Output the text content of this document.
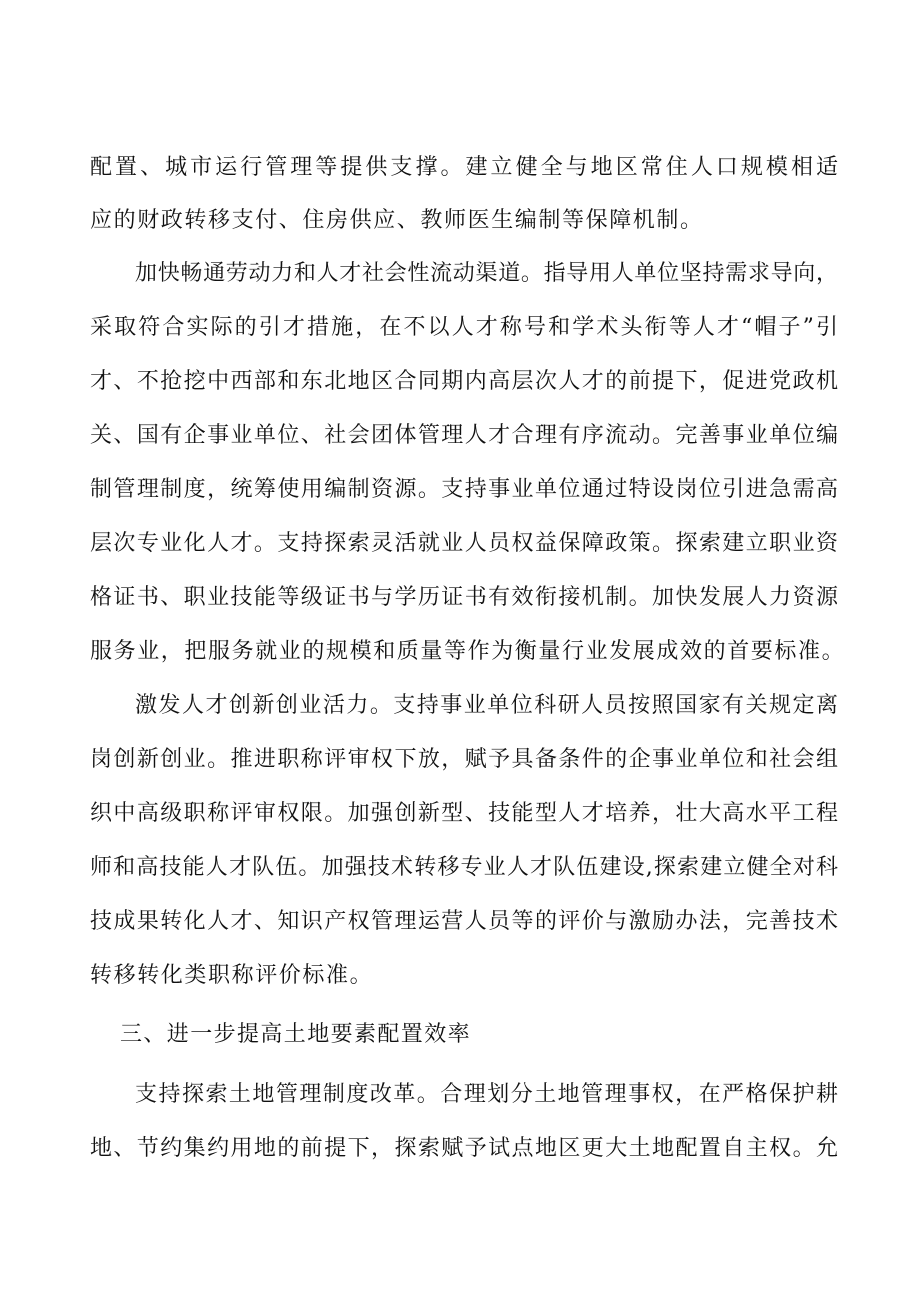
配置、城市运行管理等提供支撑。建立健全与地区常住人口规模相适
应的财政转移支付、住房供应、教师医生编制等保障机制。
加快畅通劳动力和人才社会性流动渠道。指导用人单位坚持需求导向，
采取符合实际的引才措施，在不以人才称号和学术头衔等人才“帽子”引
才、不抢挖中西部和东北地区合同期内高层次人才的前提下，促进党政机
关、国有企事业单位、社会团体管理人才合理有序流动。完善事业单位编
制管理制度，统筹使用编制资源。支持事业单位通过特设岗位引进急需高
层次专业化人才。支持探索灵活就业人员权益保障政策。探索建立职业资
格证书、职业技能等级证书与学历证书有效衔接机制。加快发展人力资源
服务业，把服务就业的规模和质量等作为衡量行业发展成效的首要标准。
激发人才创新创业活力。支持事业单位科研人员按照国家有关规定离
岗创新创业。推进职称评审权下放，赋予具备条件的企事业单位和社会组
织中高级职称评审权限。加强创新型、技能型人才培养，壮大高水平工程
师和高技能人才队伍。加强技术转移专业人才队伍建设,探索建立健全对科
技成果转化人才、知识产权管理运营人员等的评价与激励办法，完善技术
转移转化类职称评价标准。
三、进一步提高土地要素配置效率
支持探索土地管理制度改革。合理划分土地管理事权，在严格保护耕
地、节约集约用地的前提下，探索赋予试点地区更大土地配置自主权。允
